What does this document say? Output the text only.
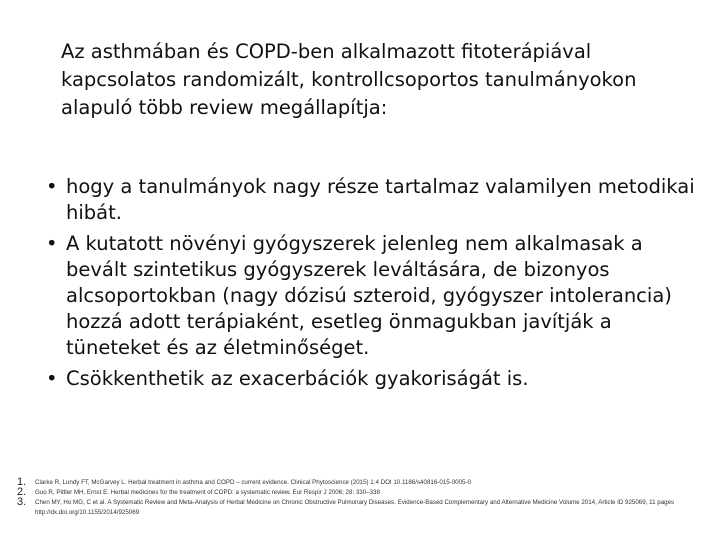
Az asthmában és COPD-ben alkalmazott fitoterápiával kapcsolatos randomizált, kontrollcsoportos tanulmányokon alapuló több review megállapítja:
• hogy a tanulmányok nagy része tartalmaz valamilyen metodikai hibát.
• A kutatott növényi gyógyszerek jelenleg nem alkalmasak a bevált szintetikus gyógyszerek leváltására, de bizonyos alcsoportokban (nagy dózisú szteroid, gyógyszer intolerancia) hozzá adott terápiaként, esetleg önmagukban javítják a tüneteket és az életminőséget.
• Csökkenthetik az exacerbációk gyakoriságát is.
1. Clarke R, Lundy FT, McGarvey L. Herbal treatment in asthma and COPD – current evidence. Clinical Phytoscience (2015) 1:4 DOI 10.1186/s40816-015-0005-0
2. Guo R, Pittler MH, Ernst E. Herbal medicines for the treatment of COPD: a systematic review. Eur Respir J 2006; 28: 330–338
3. Chen MY, Ho MG, C et al. A Systematic Review and Meta-Analysis of Herbal Medicine on Chronic Obstructive Pulmonary Diseases. Evidence-Based Complementary and Alternative Medicine Volume 2014, Article ID 925069, 11 pages http://dx.doi.org/10.1155/2014/925069
